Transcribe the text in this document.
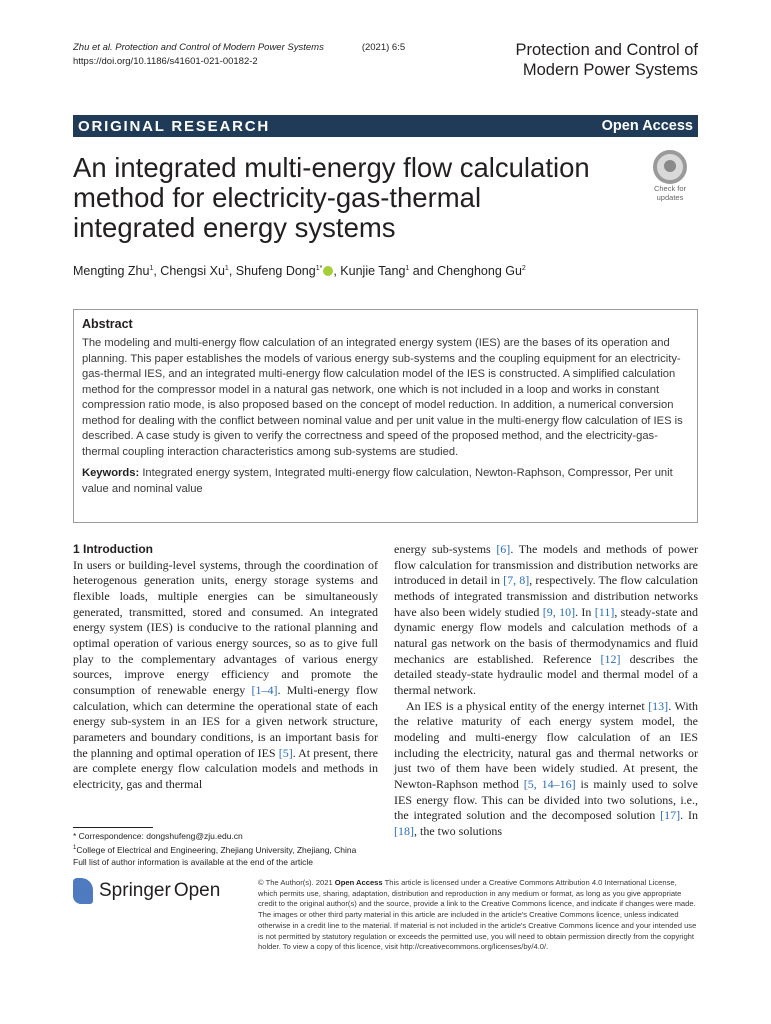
Zhu et al. Protection and Control of Modern Power Systems	(2021) 6:5
https://doi.org/10.1186/s41601-021-00182-2
Protection and Control of
Modern Power Systems
ORIGINAL RESEARCH	Open Access
An integrated multi-energy flow calculation
method for electricity-gas-thermal
integrated energy systems
Check for
updates
Mengting Zhu$^1$, Chengsi Xu$^1$, Shufeng Dong$^{1*}$ , Kunjie Tang$^1$ and Chenghong Gu$^2$
Abstract
The modeling and multi-energy flow calculation of an integrated energy system (IES) are the bases of its operation and planning. This paper establishes the models of various energy sub-systems and the coupling equipment for an electricity-gas-thermal IES, and an integrated multi-energy flow calculation model of the IES is constructed. A simplified calculation method for the compressor model in a natural gas network, one which is not included in a loop and works in constant compression ratio mode, is also proposed based on the concept of model reduction. In addition, a numerical conversion method for dealing with the conflict between nominal value and per unit value in the multi-energy flow calculation of IES is described. A case study is given to verify the correctness and speed of the proposed method, and the electricity-gas-thermal coupling interaction characteristics among sub-systems are studied.
Keywords: Integrated energy system, Integrated multi-energy flow calculation, Newton-Raphson, Compressor, Per unit value and nominal value
1 Introduction

In users or building-level systems, through the coordination of heterogenous generation units, energy storage systems and flexible loads, multiple energies can be simultaneously generated, transmitted, stored and consumed. An integrated energy system (IES) is conducive to the rational planning and optimal operation of various energy sources, so as to give full play to the complementary advantages of various energy sources, improve energy efficiency and promote the consumption of renewable energy [1–4]. Multi-energy flow calculation, which can determine the operational state of each energy sub-system in an IES for a given network structure, parameters and boundary conditions, is an important basis for the planning and optimal operation of IES [5]. At present, there are complete energy flow calculation models and methods in electricity, gas and thermal

energy sub-systems [6]. The models and methods of power flow calculation for transmission and distribution networks are introduced in detail in [7, 8], respectively. The flow calculation methods of integrated transmission and distribution networks have also been widely studied [9, 10]. In [11], steady-state and dynamic energy flow models and calculation methods of a natural gas network on the basis of thermodynamics and fluid mechanics are established. Reference [12] describes the detailed steady-state hydraulic model and thermal model of a thermal network.

An IES is a physical entity of the energy internet [13]. With the relative maturity of each energy system model, the modeling and multi-energy flow calculation of an IES including the electricity, natural gas and thermal networks or just two of them have been widely studied. At present, the Newton-Raphson method [5, 14–16] is mainly used to solve IES energy flow. This can be divided into two solutions, i.e., the integrated solution and the decomposed solution [17]. In [18], the two solutions

* Correspondence: dongshufeng@zju.edu.cn
$^1$College of Electrical and Engineering, Zhejiang University, Zhejiang, China
Full list of author information is available at the end of the article
Springer Open	© The Author(s). 2021 Open Access This article is licensed under a Creative Commons Attribution 4.0 International License, which permits use, sharing, adaptation, distribution and reproduction in any medium or format, as long as you give appropriate credit to the original author(s) and the source, provide a link to the Creative Commons licence, and indicate if changes were made. The images or other third party material in this article are included in the article's Creative Commons licence, unless indicated otherwise in a credit line to the material. If material is not included in the article's Creative Commons licence and your intended use is not permitted by statutory regulation or exceeds the permitted use, you will need to obtain permission directly from the copyright holder. To view a copy of this licence, visit http://creativecommons.org/licenses/by/4.0/.
